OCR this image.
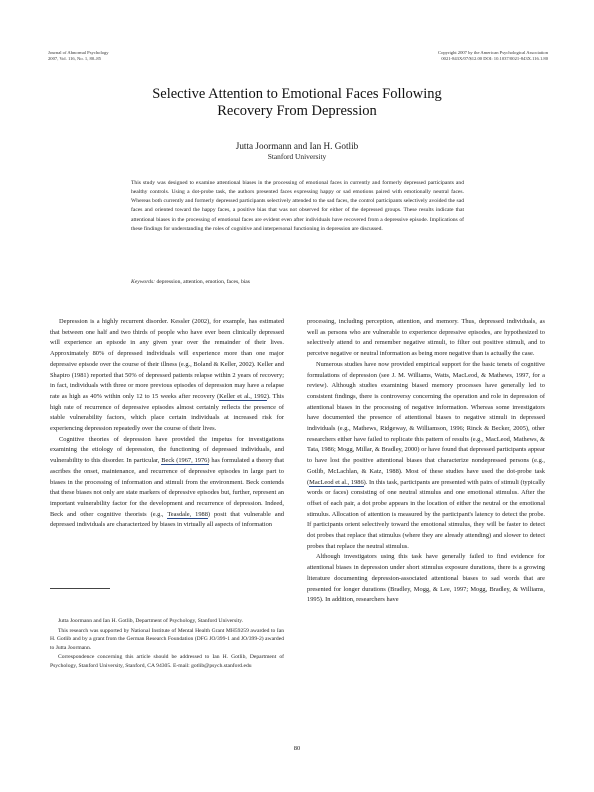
Journal of Abnormal Psychology
2007, Vol. 116, No. 1, 80–85
Copyright 2007 by the American Psychological Association
0021-843X/07/$12.00 DOI: 10.1037/0021-843X.116.1.80
Selective Attention to Emotional Faces Following
Recovery From Depression
Jutta Joormann and Ian H. Gotlib
Stanford University

This study was designed to examine attentional biases in the processing of emotional faces in currently and formerly depressed participants and healthy controls. Using a dot-probe task, the authors presented faces expressing happy or sad emotions paired with emotionally neutral faces. Whereas both currently and formerly depressed participants selectively attended to the sad faces, the control participants selectively avoided the sad faces and oriented toward the happy faces, a positive bias that was not observed for either of the depressed groups. These results indicate that attentional biases in the processing of emotional faces are evident even after individuals have recovered from a depressive episode. Implications of these findings for understanding the roles of cognitive and interpersonal functioning in depression are discussed.

Keywords: depression, attention, emotion, faces, bias

Depression is a highly recurrent disorder. Kessler (2002), for example, has estimated that between one half and two thirds of people who have ever been clinically depressed will experience an episode in any given year over the remainder of their lives. Approximately 80% of depressed individuals will experience more than one major depressive episode over the course of their illness (e.g., Boland & Keller, 2002). Keller and Shapiro (1981) reported that 50% of depressed patients relapse within 2 years of recovery; in fact, individuals with three or more previous episodes of depression may have a relapse rate as high as 40% within only 12 to 15 weeks after recovery (Keller et al., 1992). This high rate of recurrence of depressive episodes almost certainly reflects the presence of stable vulnerability factors, which place certain individuals at increased risk for experiencing depression repeatedly over the course of their lives.

Cognitive theories of depression have provided the impetus for investigations examining the etiology of depression, the functioning of depressed individuals, and vulnerability to this disorder. In particular, Beck (1967, 1976) has formulated a theory that ascribes the onset, maintenance, and recurrence of depressive episodes in large part to biases in the processing of information and stimuli from the environment. Beck contends that these biases not only are state markers of depressive episodes but, further, represent an important vulnerability factor for the development and recurrence of depression. Indeed, Beck and other cognitive theorists (e.g., Teasdale, 1988) posit that vulnerable and depressed individuals are characterized by biases in virtually all aspects of information

Jutta Joormann and Ian H. Gotlib, Department of Psychology, Stanford University.

This research was supported by National Institute of Mental Health Grant MH59259 awarded to Ian H. Gotlib and by a grant from the German Research Foundation (DFG JO/399-1 and JO/399-2) awarded to Jutta Joormann.

Correspondence concerning this article should be addressed to Ian H. Gotlib, Department of Psychology, Stanford University, Stanford, CA 94305. E-mail: gotlib@psych.stanford.edu

processing, including perception, attention, and memory. Thus, depressed individuals, as well as persons who are vulnerable to experience depressive episodes, are hypothesized to selectively attend to and remember negative stimuli, to filter out positive stimuli, and to perceive negative or neutral information as being more negative than is actually the case.

Numerous studies have now provided empirical support for the basic tenets of cognitive formulations of depression (see J. M. Williams, Watts, MacLeod, & Mathews, 1997, for a review). Although studies examining biased memory processes have generally led to consistent findings, there is controversy concerning the operation and role in depression of attentional biases in the processing of negative information. Whereas some investigators have documented the presence of attentional biases to negative stimuli in depressed individuals (e.g., Mathews, Ridgeway, & Williamson, 1996; Rinck & Becker, 2005), other researchers either have failed to replicate this pattern of results (e.g., MacLeod, Mathews, & Tata, 1986; Mogg, Millar, & Bradley, 2000) or have found that depressed participants appear to have lost the positive attentional biases that characterize nondepressed persons (e.g., Gotlib, McLachlan, & Katz, 1988). Most of these studies have used the dot-probe task (MacLeod et al., 1986). In this task, participants are presented with pairs of stimuli (typically words or faces) consisting of one neutral stimulus and one emotional stimulus. After the offset of each pair, a dot probe appears in the location of either the neutral or the emotional stimulus. Allocation of attention is measured by the participant's latency to detect the probe. If participants orient selectively toward the emotional stimulus, they will be faster to detect dot probes that replace that stimulus (where they are already attending) and slower to detect probes that replace the neutral stimulus.

Although investigators using this task have generally failed to find evidence for attentional biases in depression under short stimulus exposure durations, there is a growing literature documenting depression-associated attentional biases to sad words that are presented for longer durations (Bradley, Mogg, & Lee, 1997; Mogg, Bradley, & Williams, 1995). In addition, researchers have

80
